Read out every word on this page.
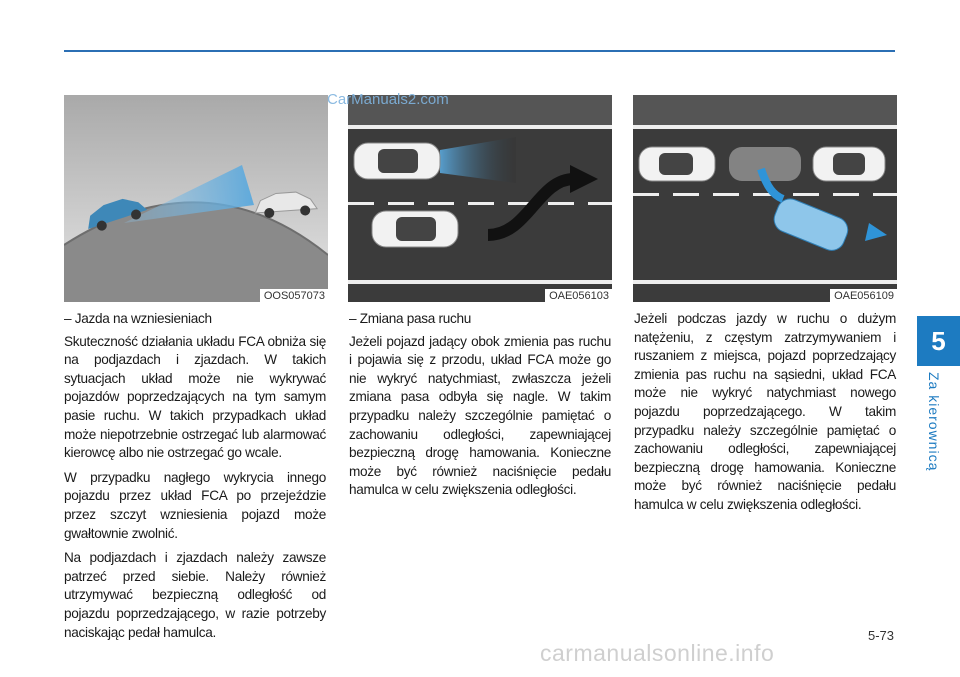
5
Za kierownicą
OOS057073	OAE056103	OAE056109
CarManuals2.com

– Jazda na wzniesieniach

Skuteczność działania układu FCA obniża się na podjazdach i zjazdach. W takich sytuacjach układ może nie wykrywać pojazdów poprzedzających na tym samym pasie ruchu. W takich przypadkach układ może niepotrzebnie ostrzegać lub alarmować kierowcę albo nie ostrzegać go wcale.

W przypadku nagłego wykrycia innego pojazdu przez układ FCA po przejeździe przez szczyt wzniesienia pojazd może gwałtownie zwolnić.

Na podjazdach i zjazdach należy zawsze patrzeć przed siebie. Należy również utrzymywać bezpieczną odległość od pojazdu poprzedzającego, w razie potrzeby naciskając pedał hamulca.

– Zmiana pasa ruchu

Jeżeli pojazd jadący obok zmienia pas ruchu i pojawia się z przodu, układ FCA może go nie wykryć natychmiast, zwłaszcza jeżeli zmiana pasa odbyła się nagle. W takim przypadku należy szczególnie pamiętać o zachowaniu odległości, zapewniającej bezpieczną drogę hamowania. Konieczne może być również naciśnięcie pedału hamulca w celu zwiększenia odległości.

Jeżeli podczas jazdy w ruchu o dużym natężeniu, z częstym zatrzymywaniem i ruszaniem z miejsca, pojazd poprzedzający zmienia pas ruchu na sąsiedni, układ FCA może nie wykryć natychmiast nowego pojazdu poprzedzającego. W takim przypadku należy szczególnie pamiętać o zachowaniu odległości, zapewniającej bezpieczną drogę hamowania. Konieczne może być również naciśnięcie pedału hamulca w celu zwiększenia odległości.

5-73
carmanualsonline.info
